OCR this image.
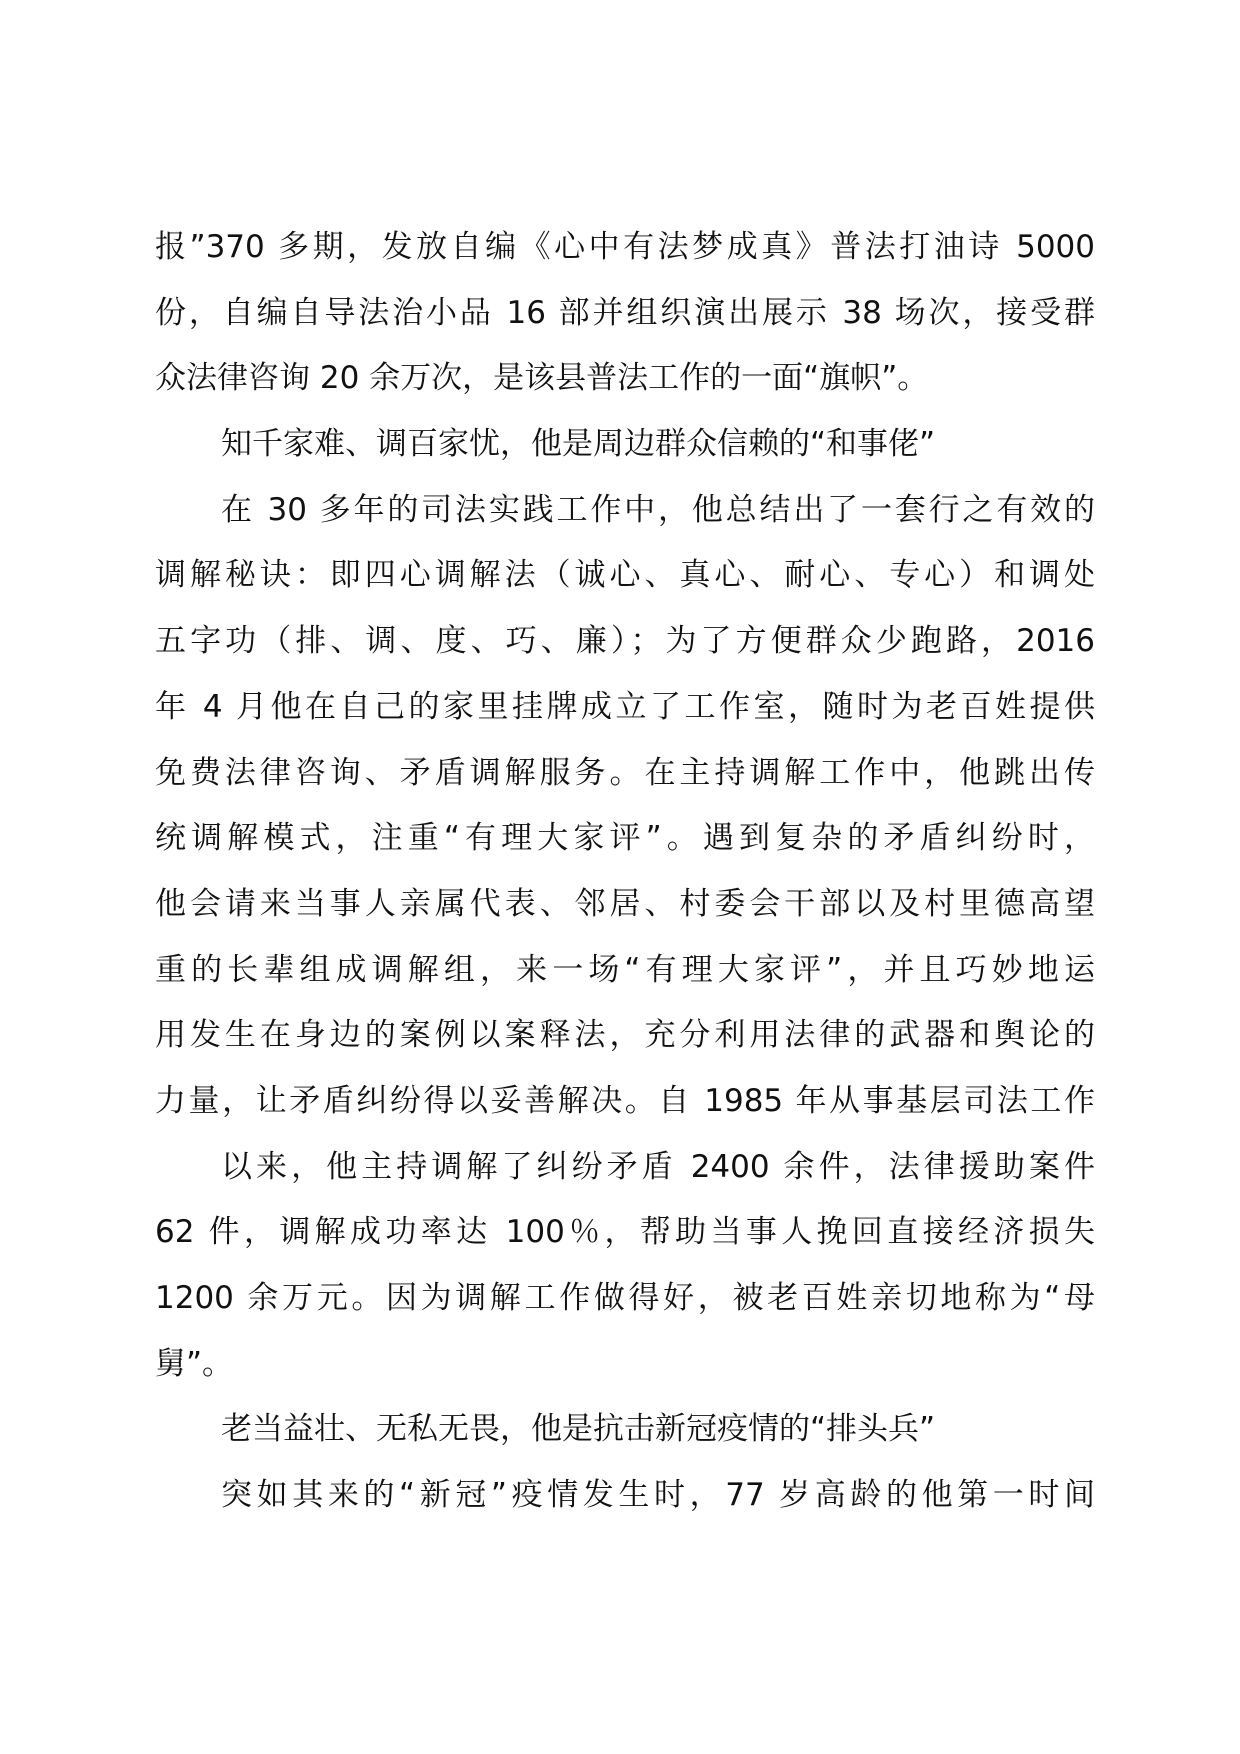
报”370 多期，发放自编《心中有法梦成真》普法打油诗 5000
份，自编自导法治小品 16 部并组织演出展示 38 场次，接受群
众法律咨询 20 余万次，是该县普法工作的一面“旗帜”。
知千家难、调百家忧，他是周边群众信赖的“和事佬”
在 30 多年的司法实践工作中，他总结出了一套行之有效的
调解秘诀：即四心调解法（诚心、真心、耐心、专心）和调处
五字功（排、调、度、巧、廉）；为了方便群众少跑路，2016
年 4 月他在自己的家里挂牌成立了工作室，随时为老百姓提供
免费法律咨询、矛盾调解服务。在主持调解工作中，他跳出传
统调解模式，注重“有理大家评”。遇到复杂的矛盾纠纷时，
他会请来当事人亲属代表、邻居、村委会干部以及村里德高望
重的长辈组成调解组，来一场“有理大家评”，并且巧妙地运
用发生在身边的案例以案释法，充分利用法律的武器和舆论的
力量，让矛盾纠纷得以妥善解决。自 1985 年从事基层司法工作
以来，他主持调解了纠纷矛盾 2400 余件，法律援助案件
62 件，调解成功率达 100％，帮助当事人挽回直接经济损失
1200 余万元。因为调解工作做得好，被老百姓亲切地称为“母
舅”。
老当益壮、无私无畏，他是抗击新冠疫情的“排头兵”
突如其来的“新冠”疫情发生时，77 岁高龄的他第一时间
